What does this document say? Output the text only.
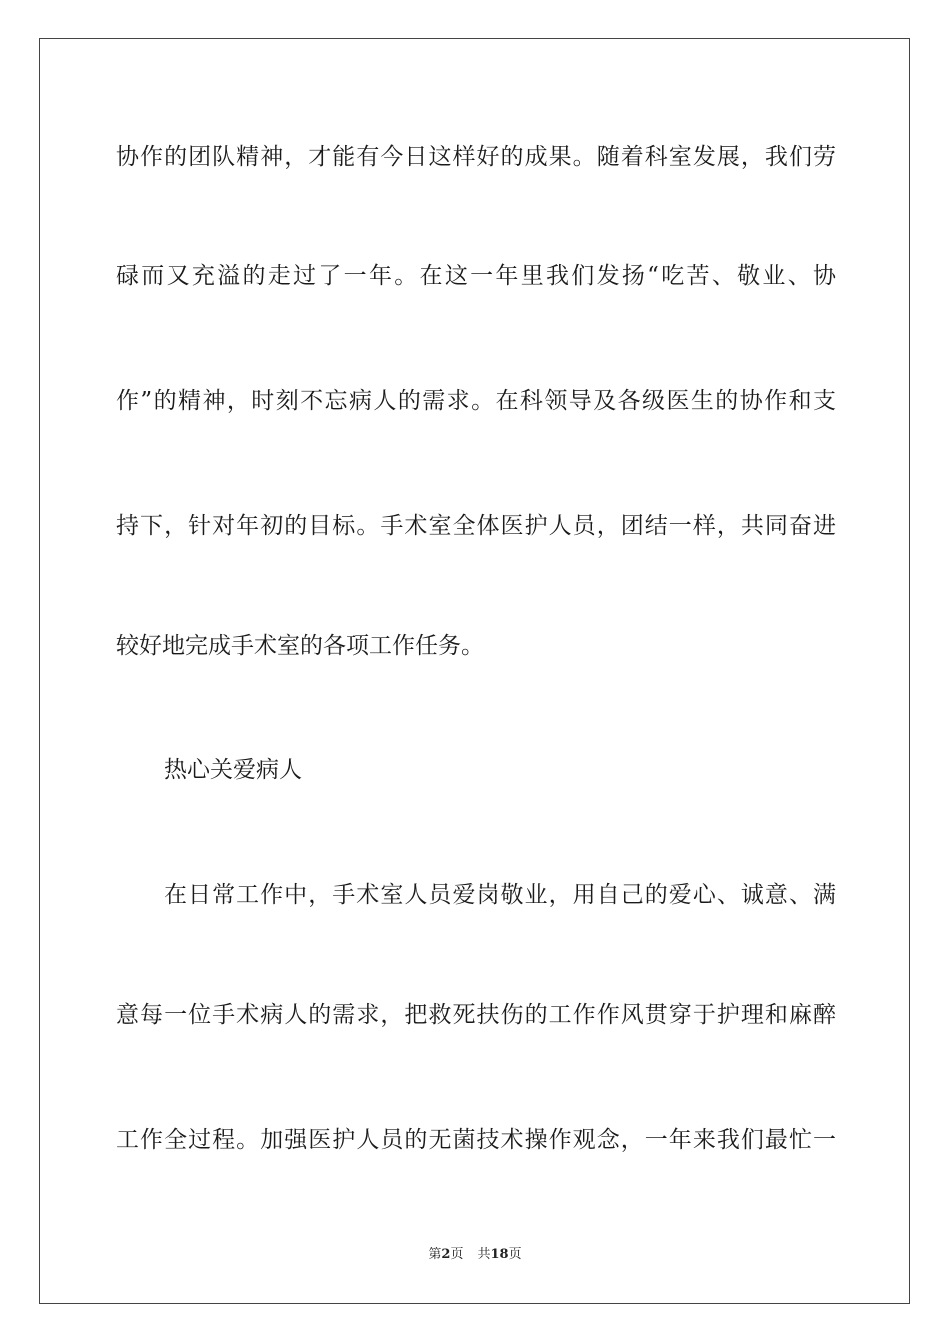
协作的团队精神，才能有今日这样好的成果。随着科室发展，我们劳
碌而又充溢的走过了一年。在这一年里我们发扬“吃苦、敬业、协
作”的精神，时刻不忘病人的需求。在科领导及各级医生的协作和支
持下，针对年初的目标。手术室全体医护人员，团结一样，共同奋进
较好地完成手术室的各项工作任务。
热心关爱病人
在日常工作中，手术室人员爱岗敬业，用自己的爱心、诚意、满
意每一位手术病人的需求，把救死扶伤的工作作风贯穿于护理和麻醉
工作全过程。加强医护人员的无菌技术操作观念，一年来我们最忙一
第2页 共18页
